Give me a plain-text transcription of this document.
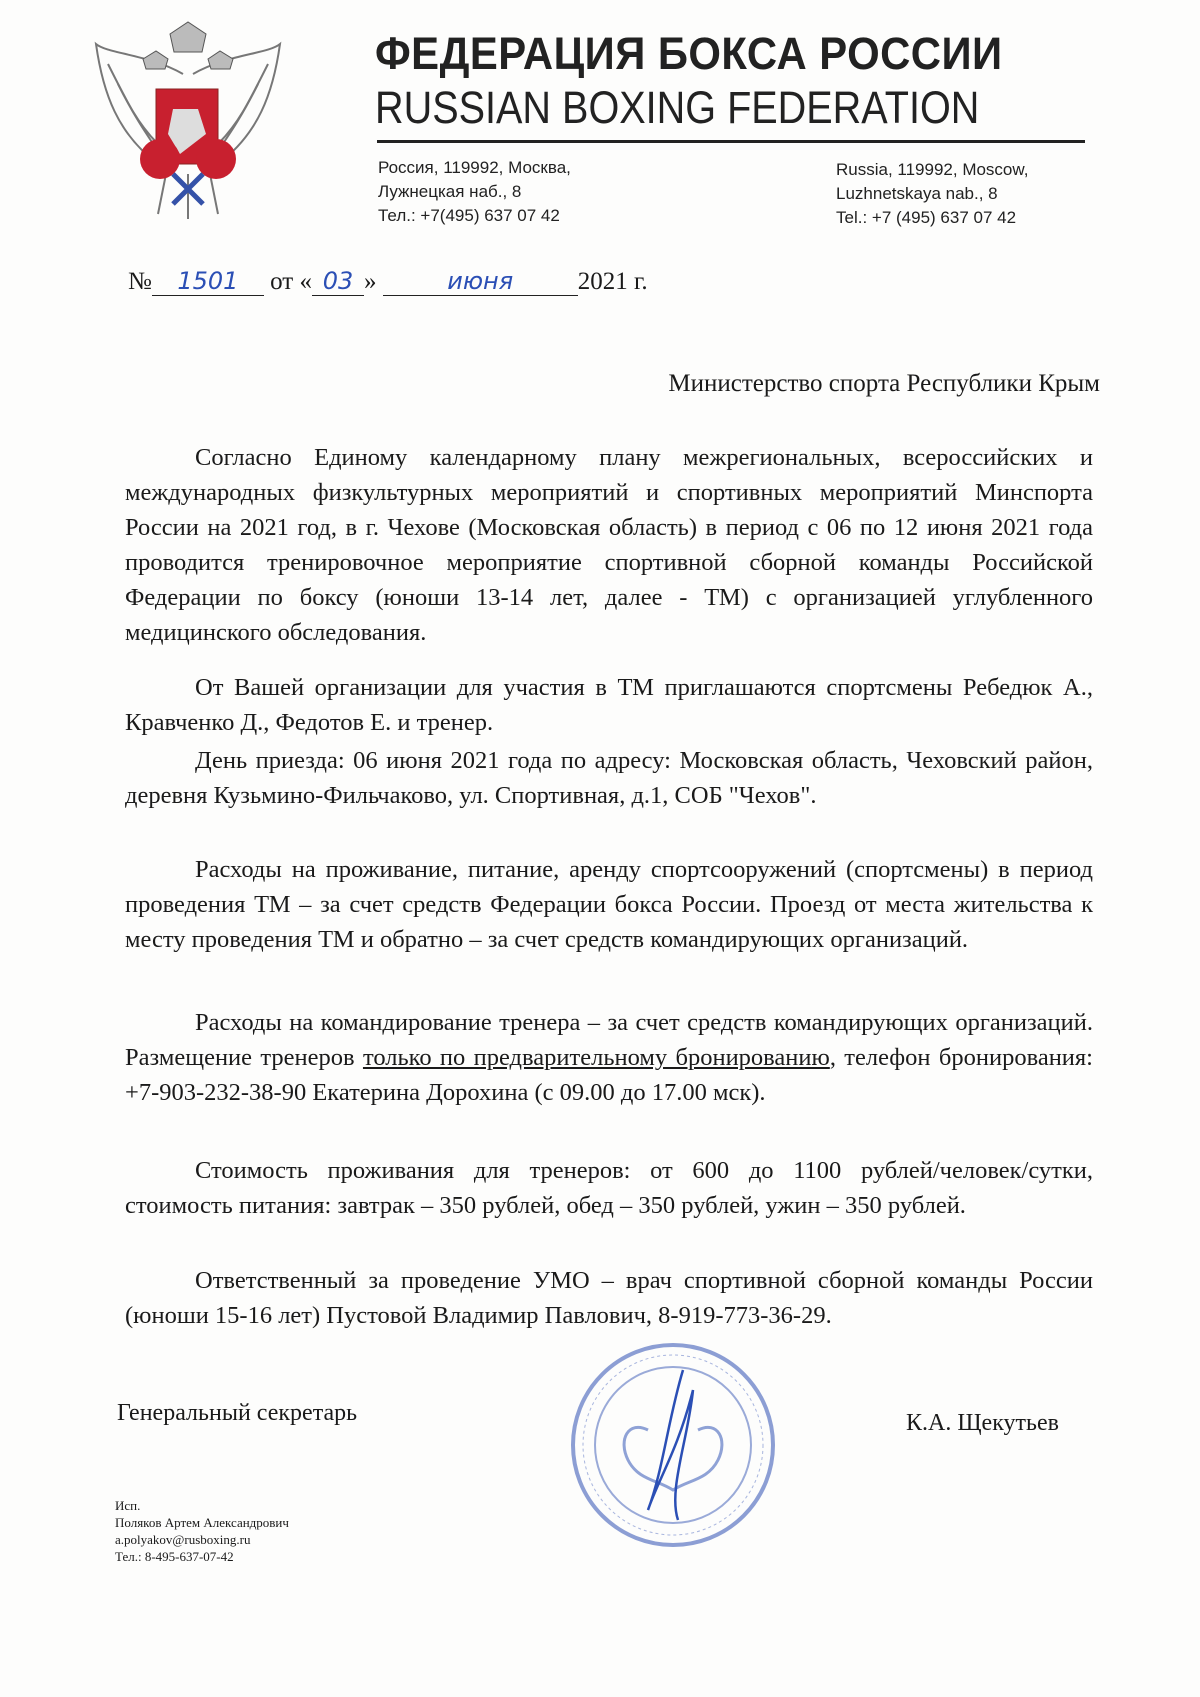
ФЕДЕРАЦИЯ БОКСА РОССИИ
RUSSIAN BOXING FEDERATION
Россия, 119992, Москва,
Лужнецкая наб., 8
Тел.: +7(495) 637 07 42
Russia, 119992, Moscow,
Luzhnetskaya nab., 8
Tel.: +7 (495) 637 07 42
№ 1501 от « 03 »	июня	2021 г.
Министерство спорта Республики Крым
Согласно Единому календарному плану межрегиональных, всероссийских и международных физкультурных мероприятий и спортивных мероприятий Минспорта России на 2021 год, в г. Чехове (Московская область) в период с 06 по 12 июня 2021 года проводится тренировочное мероприятие спортивной сборной команды Российской Федерации по боксу (юноши 13-14 лет, далее - ТМ) с организацией углубленного медицинского обследования.
От Вашей организации для участия в ТМ приглашаются спортсмены Ребедюк А., Кравченко Д., Федотов Е. и тренер.
День приезда: 06 июня 2021 года по адресу: Московская область, Чеховский район, деревня Кузьмино-Фильчаково, ул. Спортивная, д.1, СОБ "Чехов".
Расходы на проживание, питание, аренду спортсооружений (спортсмены) в период проведения ТМ – за счет средств Федерации бокса России. Проезд от места жительства к месту проведения ТМ и обратно – за счет средств командирующих организаций.
Расходы на командирование тренера – за счет средств командирующих организаций. Размещение тренеров только по предварительному бронированию, телефон бронирования: +7-903-232-38-90 Екатерина Дорохина (с 09.00 до 17.00 мск).
Стоимость проживания для тренеров: от 600 до 1100 рублей/человек/сутки, стоимость питания: завтрак – 350 рублей, обед – 350 рублей, ужин – 350 рублей.
Ответственный за проведение УМО – врач спортивной сборной команды России (юноши 15-16 лет) Пустовой Владимир Павлович, 8-919-773-36-29.
Генеральный секретарь	К.А. Щекутьев
Исп.
Поляков Артем Александрович
a.polyakov@rusboxing.ru
Тел.: 8-495-637-07-42
